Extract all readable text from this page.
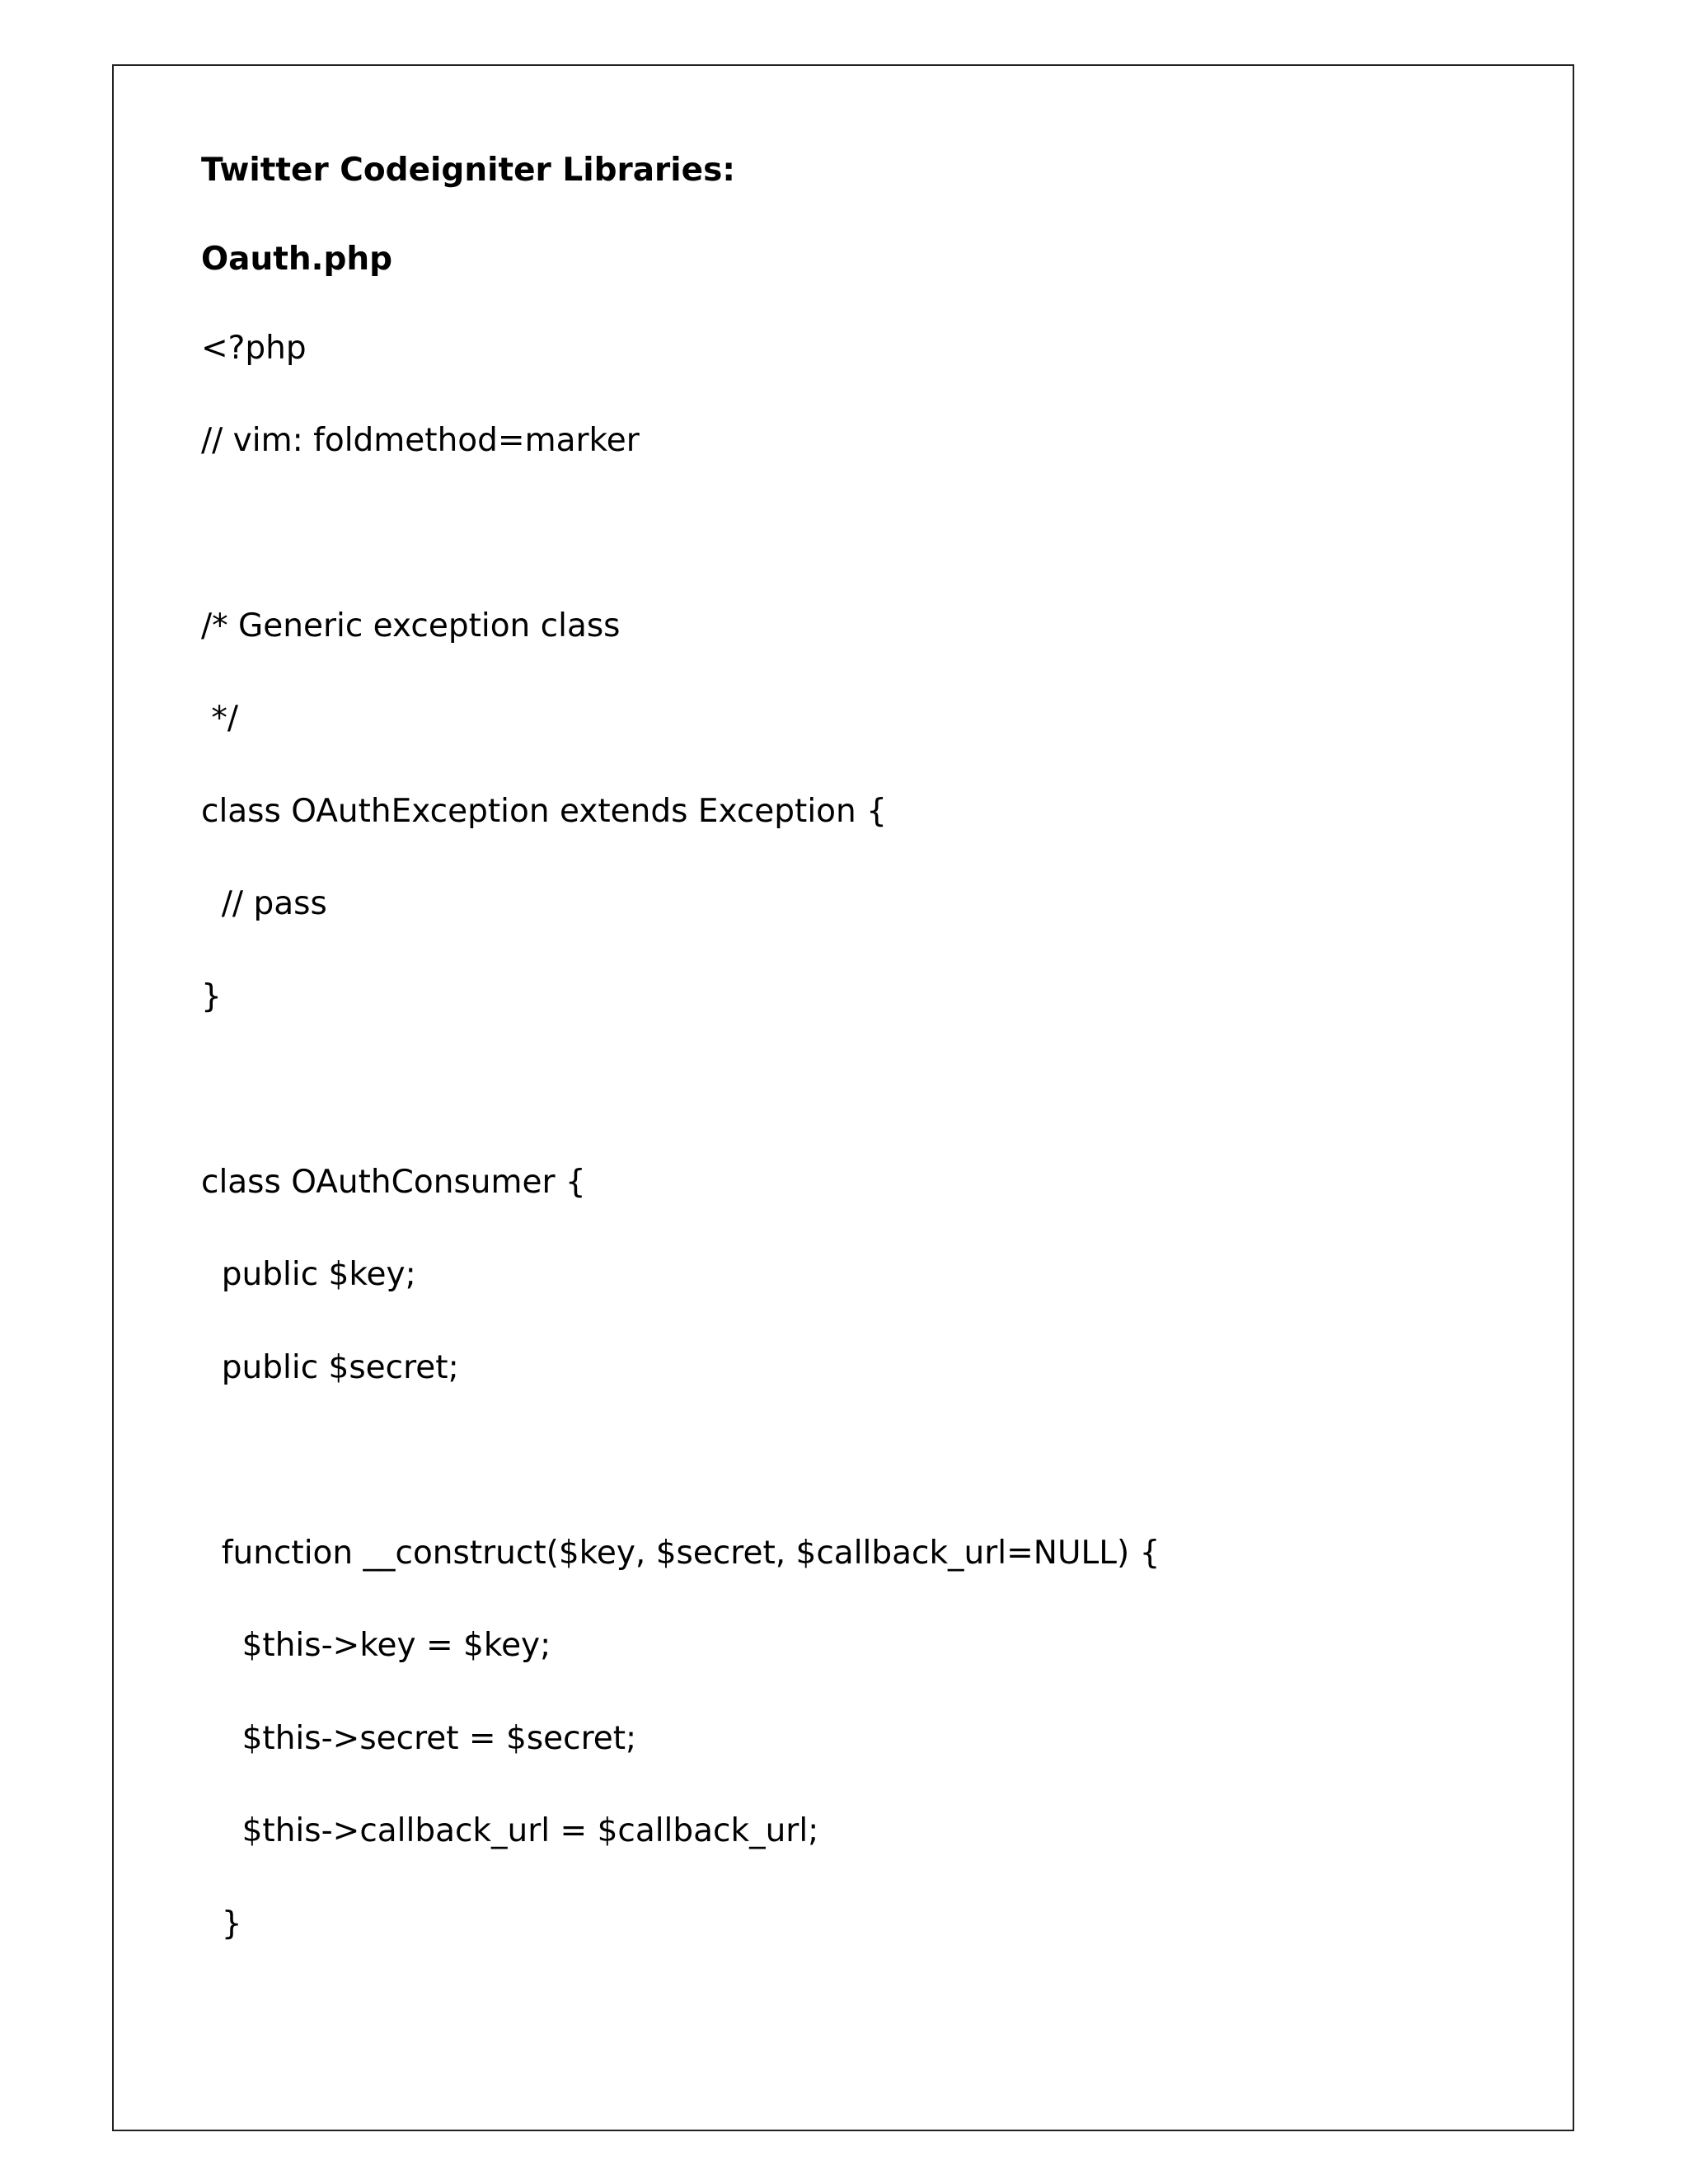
Twitter Codeigniter Libraries:
Oauth.php
<?php
// vim: foldmethod=marker
/* Generic exception class
*/
class OAuthException extends Exception {
// pass
}
class OAuthConsumer {
public $key;
public $secret;
function __construct($key, $secret, $callback_url=NULL) {
$this->key = $key;
$this->secret = $secret;
$this->callback_url = $callback_url;
}
